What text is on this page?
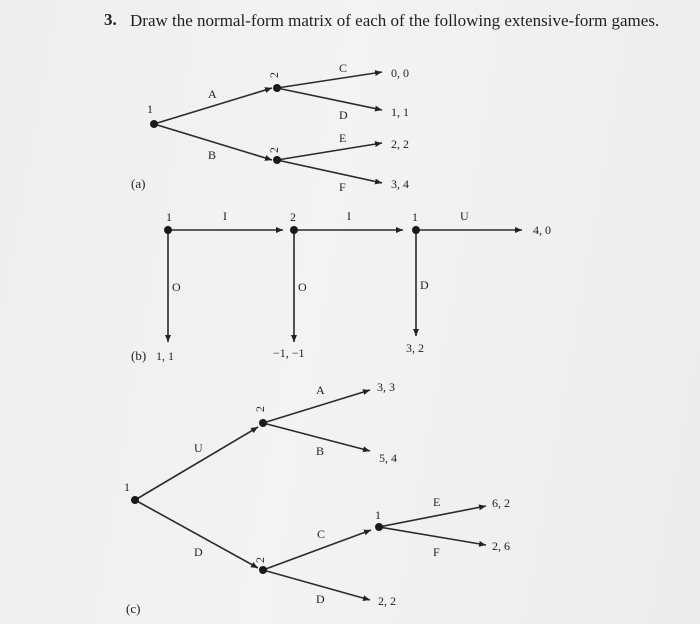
3. Draw the normal-form matrix of each of the following extensive-form games.
1
2
2
A
B
C
D
E
F
0, 0
1, 1
2, 2
3, 4
(a)
1	2	1
I	I	U
O	O	D
4, 0
−1, −1	3, 2
(b) 1, 1
1
2
2
1
U
D
A
B
C
D
E
F
3, 3
5, 4
2, 2
6, 2
2, 6
(c)
